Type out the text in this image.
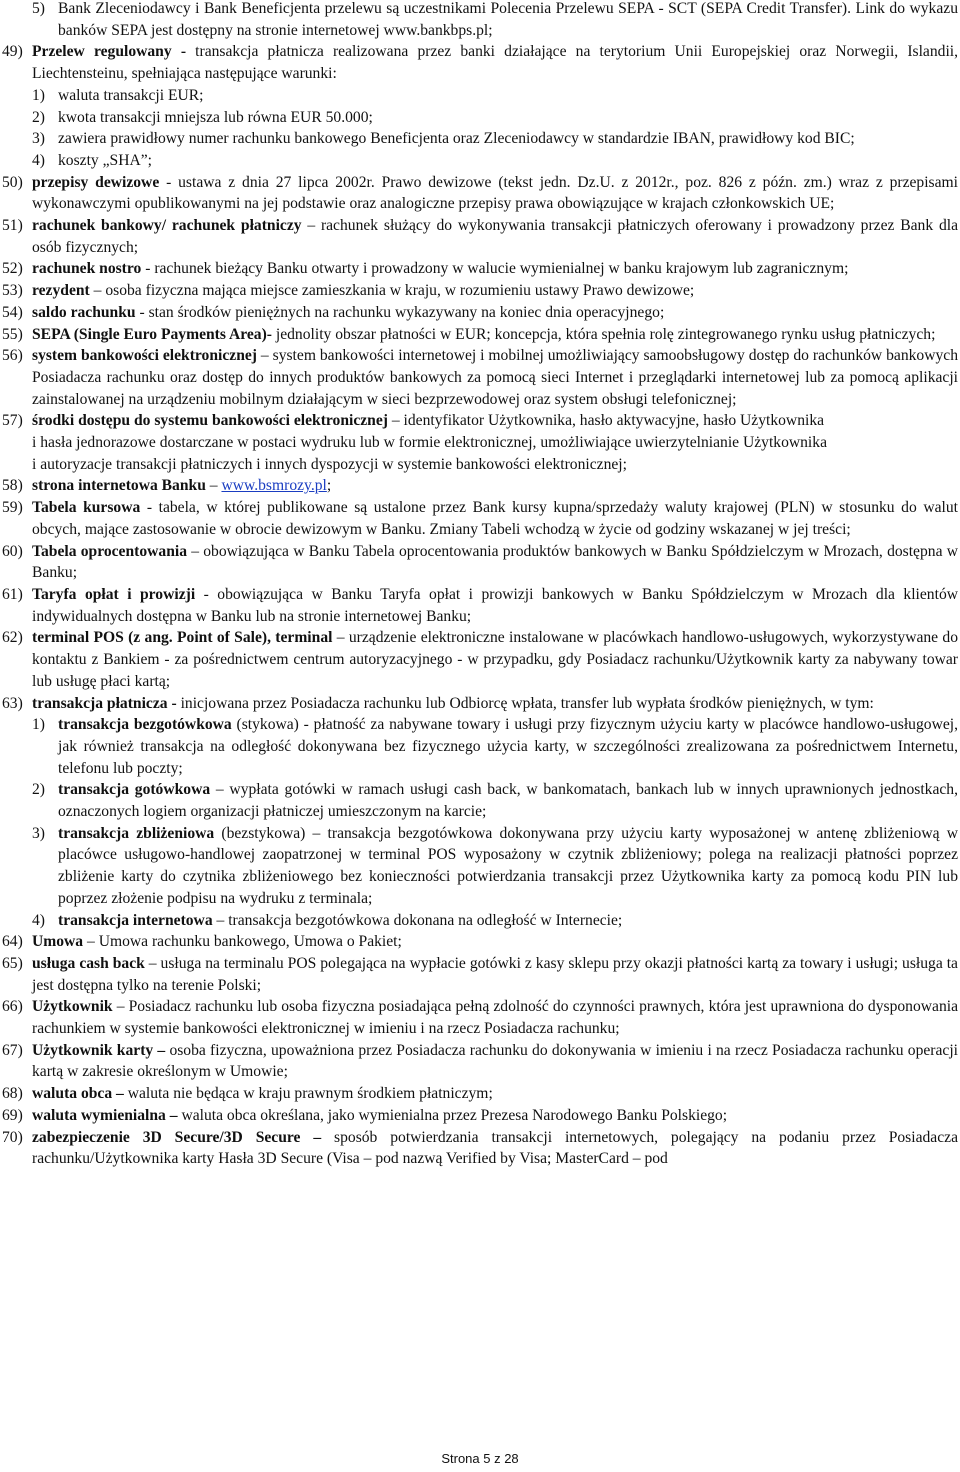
5) Bank Zleceniodawcy i Bank Beneficjenta przelewu są uczestnikami Polecenia Przelewu SEPA - SCT (SEPA Credit Transfer). Link do wykazu banków SEPA jest dostępny na stronie internetowej www.bankbps.pl;
49) Przelew regulowany - transakcja płatnicza realizowana przez banki działające na terytorium Unii Europejskiej oraz Norwegii, Islandii, Liechtensteinu, spełniająca następujące warunki:
1) waluta transakcji EUR;
2) kwota transakcji mniejsza lub równa EUR 50.000;
3) zawiera prawidłowy numer rachunku bankowego Beneficjenta oraz Zleceniodawcy w standardzie IBAN, prawidłowy kod BIC;
4) koszty „SHA”;
50) przepisy dewizowe - ustawa z dnia 27 lipca 2002r. Prawo dewizowe (tekst jedn. Dz.U. z 2012r., poz. 826 z późn. zm.) wraz z przepisami wykonawczymi opublikowanymi na jej podstawie oraz analogiczne przepisy prawa obowiązujące w krajach członkowskich UE;
51) rachunek bankowy/ rachunek płatniczy – rachunek służący do wykonywania transakcji płatniczych oferowany i prowadzony przez Bank dla osób fizycznych;
52) rachunek nostro - rachunek bieżący Banku otwarty i prowadzony w walucie wymienialnej w banku krajowym lub zagranicznym;
53) rezydent – osoba fizyczna mająca miejsce zamieszkania w kraju, w rozumieniu ustawy Prawo dewizowe;
54) saldo rachunku - stan środków pieniężnych na rachunku wykazywany na koniec dnia operacyjnego;
55) SEPA (Single Euro Payments Area)- jednolity obszar płatności w EUR; koncepcja, która spełnia rolę zintegrowanego rynku usług płatniczych;
56) system bankowości elektronicznej – system bankowości internetowej i mobilnej umożliwiający samoobsługowy dostęp do rachunków bankowych Posiadacza rachunku oraz dostęp do innych produktów bankowych za pomocą sieci Internet i przeglądarki internetowej lub za pomocą aplikacji zainstalowanej na urządzeniu mobilnym działającym w sieci bezprzewodowej oraz system obsługi telefonicznej;
57) środki dostępu do systemu bankowości elektronicznej – identyfikator Użytkownika, hasło aktywacyjne, hasło Użytkownika
i hasła jednorazowe dostarczane w postaci wydruku lub w formie elektronicznej, umożliwiające uwierzytelnianie Użytkownika
i autoryzacje transakcji płatniczych i innych dyspozycji w systemie bankowości elektronicznej;
58) strona internetowa Banku – www.bsmrozy.pl;
59) Tabela kursowa - tabela, w której publikowane są ustalone przez Bank kursy kupna/sprzedaży waluty krajowej (PLN) w stosunku do walut obcych, mające zastosowanie w obrocie dewizowym w Banku. Zmiany Tabeli wchodzą w życie od godziny wskazanej w jej treści;
60) Tabela oprocentowania – obowiązująca w Banku Tabela oprocentowania produktów bankowych w Banku Spółdzielczym w Mrozach, dostępna w Banku;
61) Taryfa opłat i prowizji - obowiązująca w Banku Taryfa opłat i prowizji bankowych w Banku Spółdzielczym w Mrozach dla klientów indywidualnych dostępna w Banku lub na stronie internetowej Banku;
62) terminal POS (z ang. Point of Sale), terminal – urządzenie elektroniczne instalowane w placówkach handlowo-usługowych, wykorzystywane do kontaktu z Bankiem - za pośrednictwem centrum autoryzacyjnego - w przypadku, gdy Posiadacz rachunku/Użytkownik karty za nabywany towar lub usługę płaci kartą;
63) transakcja płatnicza - inicjowana przez Posiadacza rachunku lub Odbiorcę wpłata, transfer lub wypłata środków pieniężnych, w tym:
1) transakcja bezgotówkowa (stykowa) - płatność za nabywane towary i usługi przy fizycznym użyciu karty w placówce handlowo-usługowej, jak również transakcja na odległość dokonywana bez fizycznego użycia karty, w szczególności zrealizowana za pośrednictwem Internetu, telefonu lub poczty;
2) transakcja gotówkowa – wypłata gotówki w ramach usługi cash back, w bankomatach, bankach lub w innych uprawnionych jednostkach, oznaczonych logiem organizacji płatniczej umieszczonym na karcie;
3) transakcja zbliżeniowa (bezstykowa) – transakcja bezgotówkowa dokonywana przy użyciu karty wyposażonej w antenę zbliżeniową w placówce usługowo-handlowej zaopatrzonej w terminal POS wyposażony w czytnik zbliżeniowy; polega na realizacji płatności poprzez zbliżenie karty do czytnika zbliżeniowego bez konieczności potwierdzania transakcji przez Użytkownika karty za pomocą kodu PIN lub poprzez złożenie podpisu na wydruku z terminala;
4) transakcja internetowa – transakcja bezgotówkowa dokonana na odległość w Internecie;
64) Umowa – Umowa rachunku bankowego, Umowa o Pakiet;
65) usługa cash back – usługa na terminalu POS polegająca na wypłacie gotówki z kasy sklepu przy okazji płatności kartą za towary i usługi; usługa ta jest dostępna tylko na terenie Polski;
66) Użytkownik – Posiadacz rachunku lub osoba fizyczna posiadająca pełną zdolność do czynności prawnych, która jest uprawniona do dysponowania rachunkiem w systemie bankowości elektronicznej w imieniu i na rzecz Posiadacza rachunku;
67) Użytkownik karty – osoba fizyczna, upoważniona przez Posiadacza rachunku do dokonywania w imieniu i na rzecz Posiadacza rachunku operacji kartą w zakresie określonym w Umowie;
68) waluta obca – waluta nie będąca w kraju prawnym środkiem płatniczym;
69) waluta wymienialna – waluta obca określana, jako wymienialna przez Prezesa Narodowego Banku Polskiego;
70) zabezpieczenie 3D Secure/3D Secure – sposób potwierdzania transakcji internetowych, polegający na podaniu przez Posiadacza rachunku/Użytkownika karty Hasła 3D Secure (Visa – pod nazwą Verified by Visa; MasterCard – pod
Strona 5 z 28
